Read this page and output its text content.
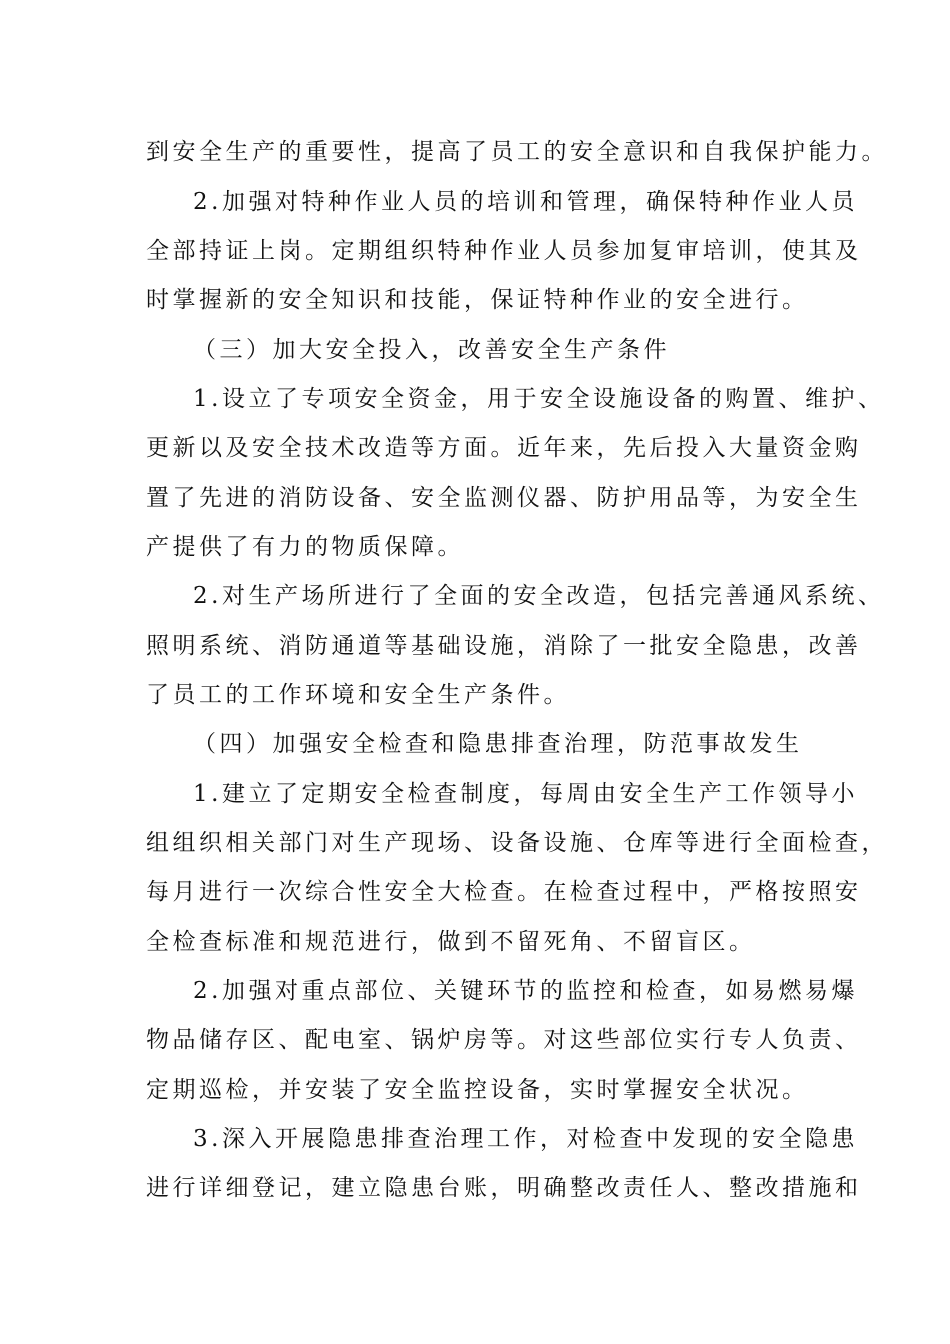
到安全生产的重要性，提高了员工的安全意识和自我保护能力。
2.加强对特种作业人员的培训和管理，确保特种作业人员
全部持证上岗。定期组织特种作业人员参加复审培训，使其及
时掌握新的安全知识和技能，保证特种作业的安全进行。
（三）加大安全投入，改善安全生产条件
1.设立了专项安全资金，用于安全设施设备的购置、维护、
更新以及安全技术改造等方面。近年来，先后投入大量资金购
置了先进的消防设备、安全监测仪器、防护用品等，为安全生
产提供了有力的物质保障。
2.对生产场所进行了全面的安全改造，包括完善通风系统、
照明系统、消防通道等基础设施，消除了一批安全隐患，改善
了员工的工作环境和安全生产条件。
（四）加强安全检查和隐患排查治理，防范事故发生
1.建立了定期安全检查制度，每周由安全生产工作领导小
组组织相关部门对生产现场、设备设施、仓库等进行全面检查，
每月进行一次综合性安全大检查。在检查过程中，严格按照安
全检查标准和规范进行，做到不留死角、不留盲区。
2.加强对重点部位、关键环节的监控和检查，如易燃易爆
物品储存区、配电室、锅炉房等。对这些部位实行专人负责、
定期巡检，并安装了安全监控设备，实时掌握安全状况。
3.深入开展隐患排查治理工作，对检查中发现的安全隐患
进行详细登记，建立隐患台账，明确整改责任人、整改措施和
